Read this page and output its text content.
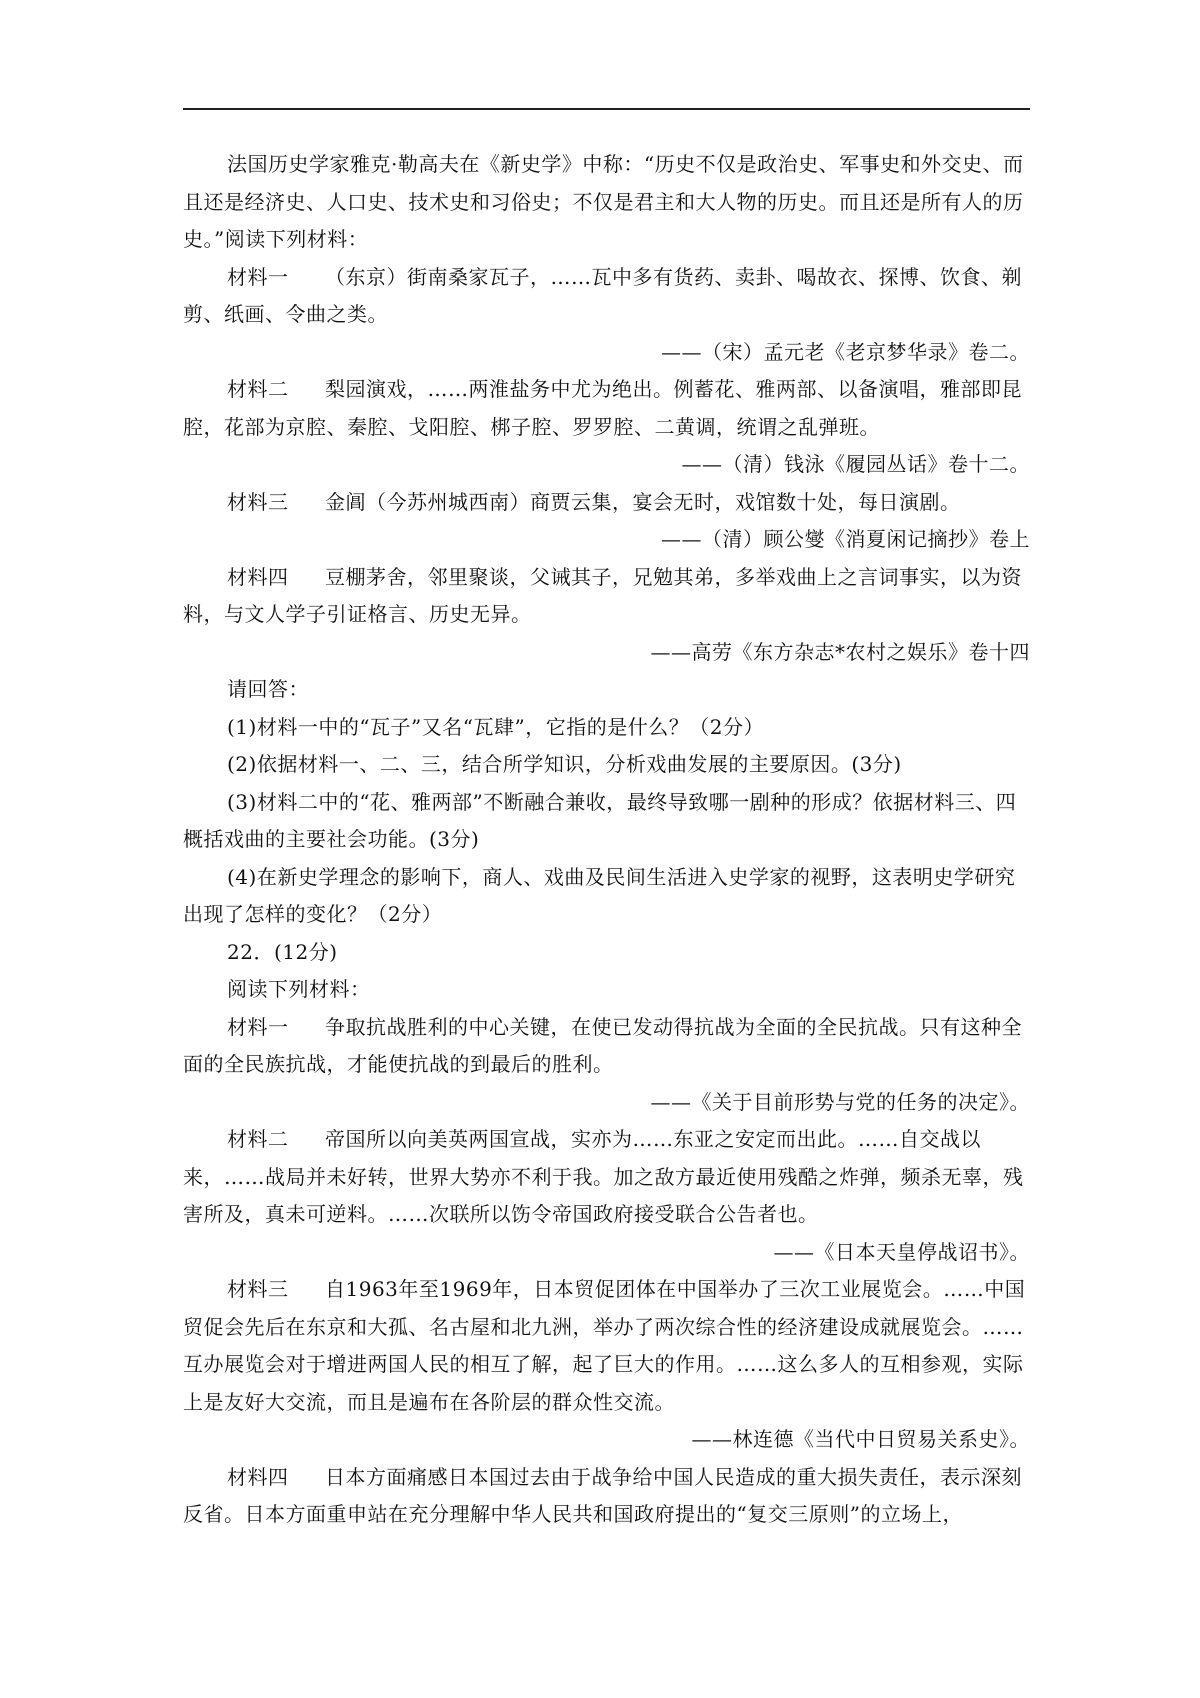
法国历史学家雅克·勒高夫在《新史学》中称：“历史不仅是政治史、军事史和外交史、而且还是经济史、人口史、技术史和习俗史；不仅是君主和大人物的历史。而且还是所有人的历史。”阅读下列材料：

材料一 （东京）街南桑家瓦子，……瓦中多有货药、卖卦、喝故衣、探博、饮食、剃剪、纸画、令曲之类。

——（宋）孟元老《老京梦华录》卷二。

材料二 梨园演戏，……两淮盐务中尤为绝出。例蓄花、雅两部、以备演唱，雅部即昆腔，花部为京腔、秦腔、戈阳腔、梆子腔、罗罗腔、二黄调，统谓之乱弹班。

——（清）钱泳《履园丛话》卷十二。

材料三 金阊（今苏州城西南）商贾云集，宴会无时，戏馆数十处，每日演剧。

——（清）顾公燮《消夏闲记摘抄》卷上

材料四 豆棚茅舍，邻里聚谈，父诫其子，兄勉其弟，多举戏曲上之言词事实，以为资料，与文人学子引证格言、历史无异。

——高劳《东方杂志*农村之娱乐》卷十四

请回答：

(1)材料一中的“瓦子”又名“瓦肆”，它指的是什么？（2分）

(2)依据材料一、二、三，结合所学知识，分析戏曲发展的主要原因。(3分)

(3)材料二中的“花、雅两部”不断融合兼收，最终导致哪一剧种的形成？依据材料三、四概括戏曲的主要社会功能。(3分)

(4)在新史学理念的影响下，商人、戏曲及民间生活进入史学家的视野，这表明史学研究出现了怎样的变化？（2分）

22．(12分)

阅读下列材料：

材料一 争取抗战胜利的中心关键，在使已发动得抗战为全面的全民抗战。只有这种全面的全民族抗战，才能使抗战的到最后的胜利。

——《关于目前形势与党的任务的决定》。

材料二 帝国所以向美英两国宣战，实亦为……东亚之安定而出此。……自交战以来，……战局并未好转，世界大势亦不利于我。加之敌方最近使用残酷之炸弹，频杀无辜，残害所及，真未可逆料。……次联所以饬令帝国政府接受联合公告者也。

——《日本天皇停战诏书》。

材料三 自1963年至1969年，日本贸促团体在中国举办了三次工业展览会。……中国贸促会先后在东京和大孤、名古屋和北九洲，举办了两次综合性的经济建设成就展览会。……互办展览会对于增进两国人民的相互了解，起了巨大的作用。……这么多人的互相参观，实际上是友好大交流，而且是遍布在各阶层的群众性交流。

——林连德《当代中日贸易关系史》。

材料四 日本方面痛感日本国过去由于战争给中国人民造成的重大损失责任，表示深刻反省。日本方面重申站在充分理解中华人民共和国政府提出的“复交三原则”的立场上，
